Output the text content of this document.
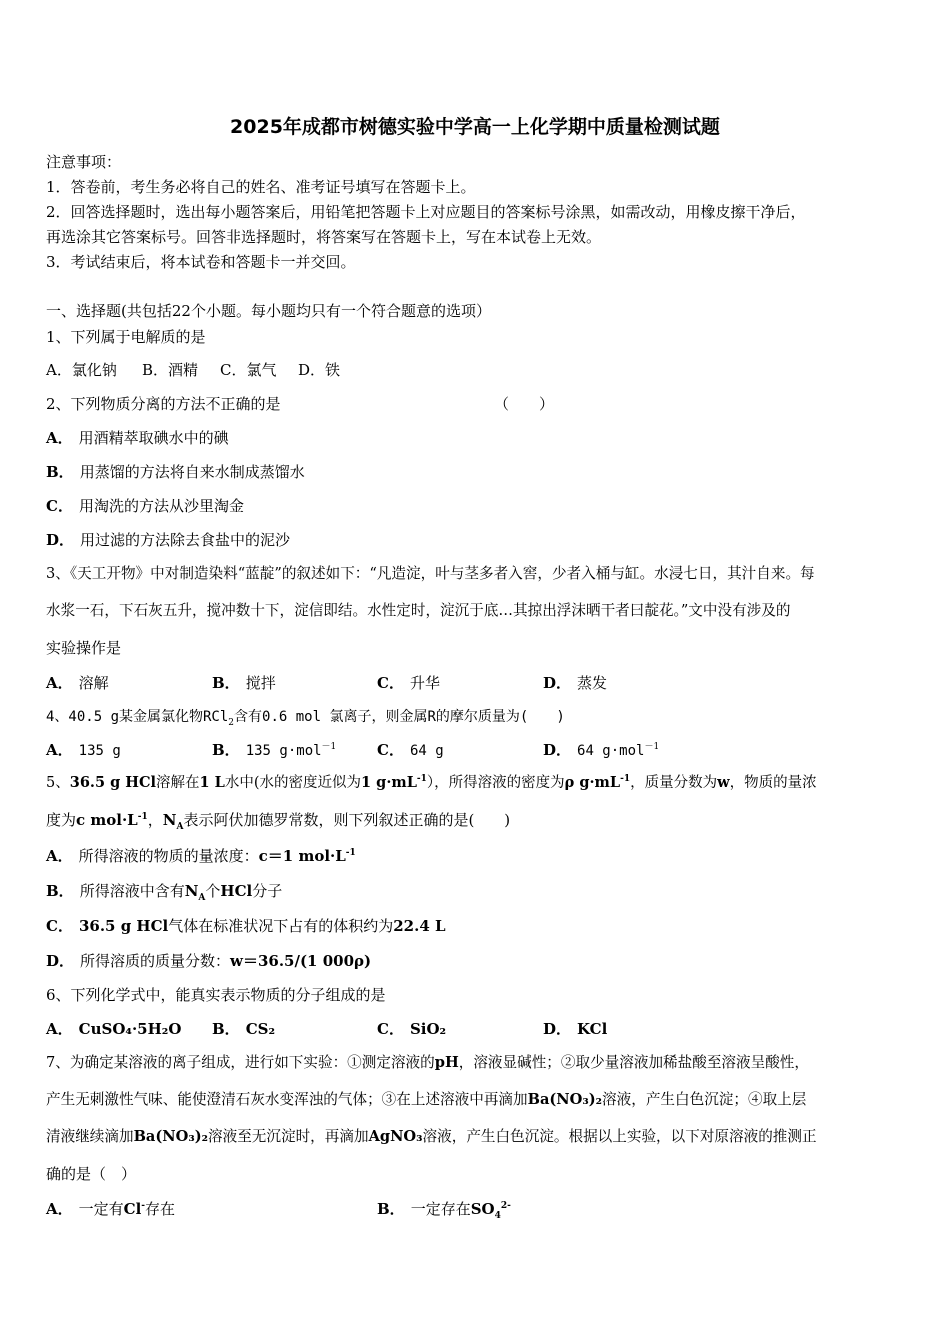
2025年成都市树德实验中学高一上化学期中质量检测试题
注意事项：
1．答卷前，考生务必将自己的姓名、准考证号填写在答题卡上。
2．回答选择题时，选出每小题答案后，用铅笔把答题卡上对应题目的答案标号涂黑，如需改动，用橡皮擦干净后，
再选涂其它答案标号。回答非选择题时，将答案写在答题卡上，写在本试卷上无效。
3．考试结束后，将本试卷和答题卡一并交回。
一、选择题(共包括22个小题。每小题均只有一个符合题意的选项）
1、下列属于电解质的是
A．氯化钠 B．酒精 C．氯气 D．铁
2、下列物质分离的方法不正确的是	（　　）
A． 用酒精萃取碘水中的碘
B． 用蒸馏的方法将自来水制成蒸馏水
C． 用淘洗的方法从沙里淘金
D． 用过滤的方法除去食盐中的泥沙
3、《天工开物》中对制造染料“蓝靛”的叙述如下：“凡造淀，叶与茎多者入窖，少者入桶与缸。水浸七日，其汁自来。每
水浆一石，下石灰五升，搅冲数十下，淀信即结。水性定时，淀沉于底…其掠出浮沫晒干者曰靛花。”文中没有涉及的
实验操作是
A． 溶解	B． 搅拌	C． 升华	D． 蒸发
4、40.5 g某金属氯化物RCl$_2$含有0.6 mol 氯离子，则金属R的摩尔质量为(　　)
A． 135 g	B． 135 g·mol$^{-1}$	C． 64 g	D． 64 g·mol$^{-1}$
5、36.5 g HCl溶解在1 L水中(水的密度近似为1 $g\cdot mL^{-1}$），所得溶液的密度为ρ $g\cdot mL^{-1}$，质量分数为w，物质的量浓
度为c $mol\cdot L^{-1}$，$N_A$表示阿伏加德罗常数，则下列叙述正确的是(　　)
A． 所得溶液的物质的量浓度：c＝1 $mol\cdot L^{-1}$
B． 所得溶液中含有$N_A$个HCl分子
C． 36.5 g HCl气体在标准状况下占有的体积约为22.4 L
D． 所得溶质的质量分数：w＝36.5/(1 000ρ)
6、下列化学式中，能真实表示物质的分子组成的是
A． CuSO₄·5H₂O B． CS₂	C． SiO₂	D． KCl
7、为确定某溶液的离子组成，进行如下实验：①测定溶液的pH，溶液显碱性；②取少量溶液加稀盐酸至溶液呈酸性，
产生无刺激性气味、能使澄清石灰水变浑浊的气体；③在上述溶液中再滴加Ba(NO₃)₂溶液，产生白色沉淀；④取上层
清液继续滴加Ba(NO₃)₂溶液至无沉淀时，再滴加AgNO₃溶液，产生白色沉淀。根据以上实验，以下对原溶液的推测正
确的是（　）
A． 一定有Cl-存在	B． 一定存在$SO_4^{2-}$
